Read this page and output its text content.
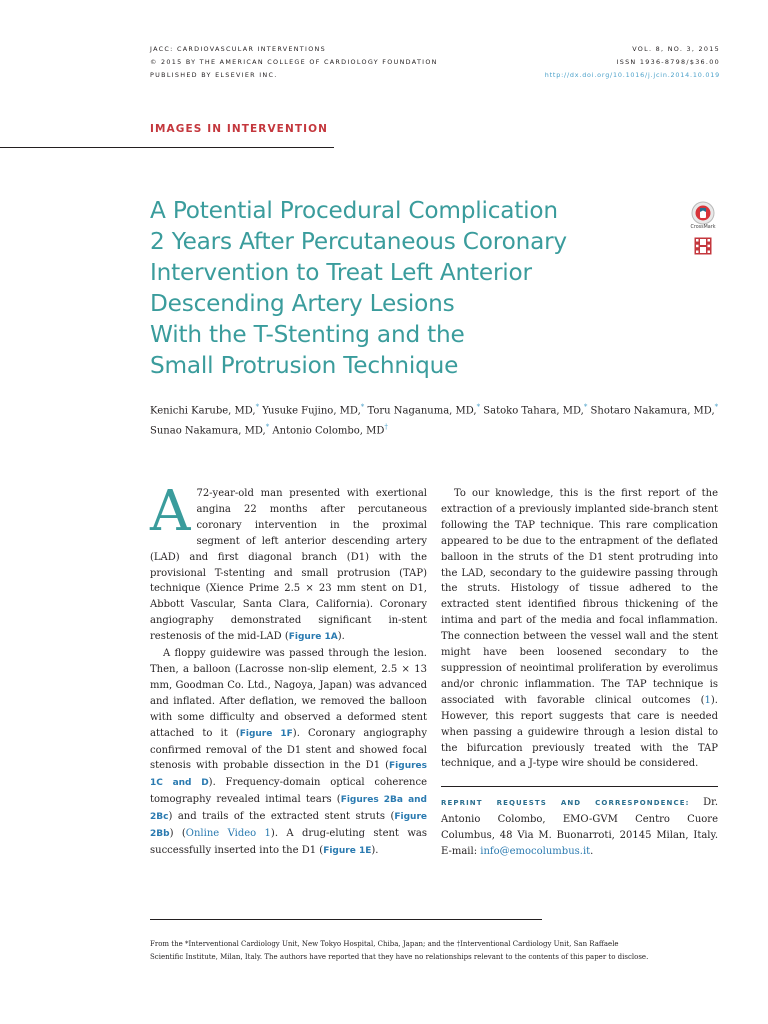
JACC: CARDIOVASCULAR INTERVENTIONS
© 2015 BY THE AMERICAN COLLEGE OF CARDIOLOGY FOUNDATION
PUBLISHED BY ELSEVIER INC.
VOL. 8, NO. 3, 2015
ISSN 1936-8798/$36.00
http://dx.doi.org/10.1016/j.jcin.2014.10.019
IMAGES IN INTERVENTION
A Potential Procedural Complication
2 Years After Percutaneous Coronary
Intervention to Treat Left Anterior
Descending Artery Lesions
With the T-Stenting and the
Small Protrusion Technique
CrossMark

Kenichi Karube, MD,* Yusuke Fujino, MD,* Toru Naganuma, MD,* Satoko Tahara, MD,* Shotaro Nakamura, MD,*
Sunao Nakamura, MD,* Antonio Colombo, MD†

A 72-year-old man presented with exertional angina 22 months after percutaneous coronary intervention in the proximal segment of left anterior descending artery (LAD) and first diagonal branch (D1) with the provisional T-stenting and small protrusion (TAP) technique (Xience Prime 2.5 × 23 mm stent on D1, Abbott Vascular, Santa Clara, California). Coronary angiography demonstrated significant in-stent restenosis of the mid-LAD (Figure 1A).

A floppy guidewire was passed through the lesion. Then, a balloon (Lacrosse non-slip element, 2.5 × 13 mm, Goodman Co. Ltd., Nagoya, Japan) was advanced and inflated. After deflation, we removed the balloon with some difficulty and observed a deformed stent attached to it (Figure 1F). Coronary angiography confirmed removal of the D1 stent and showed focal stenosis with probable dissection in the D1 (Figures 1C and D). Frequency-domain optical coherence tomography revealed intimal tears (Figures 2Ba and 2Bc) and trails of the extracted stent struts (Figure 2Bb) (Online Video 1). A drug-eluting stent was successfully inserted into the D1 (Figure 1E).

To our knowledge, this is the first report of the extraction of a previously implanted side-branch stent following the TAP technique. This rare complication appeared to be due to the entrapment of the deflated balloon in the struts of the D1 stent protruding into the LAD, secondary to the guidewire passing through the struts. Histology of tissue adhered to the extracted stent identified fibrous thickening of the intima and part of the media and focal inflammation. The connection between the vessel wall and the stent might have been loosened secondary to the suppression of neointimal proliferation by everolimus and/or chronic inflammation. The TAP technique is associated with favorable clinical outcomes (1). However, this report suggests that care is needed when passing a guidewire through a lesion distal to the bifurcation previously treated with the TAP technique, and a J-type wire should be considered.

REPRINT REQUESTS AND CORRESPONDENCE: Dr. Antonio Colombo, EMO-GVM Centro Cuore Columbus, 48 Via M. Buonarroti, 20145 Milan, Italy. E-mail: info@emocolumbus.it.

From the *Interventional Cardiology Unit, New Tokyo Hospital, Chiba, Japan; and the †Interventional Cardiology Unit, San Raffaele Scientific Institute, Milan, Italy. The authors have reported that they have no relationships relevant to the contents of this paper to disclose.
